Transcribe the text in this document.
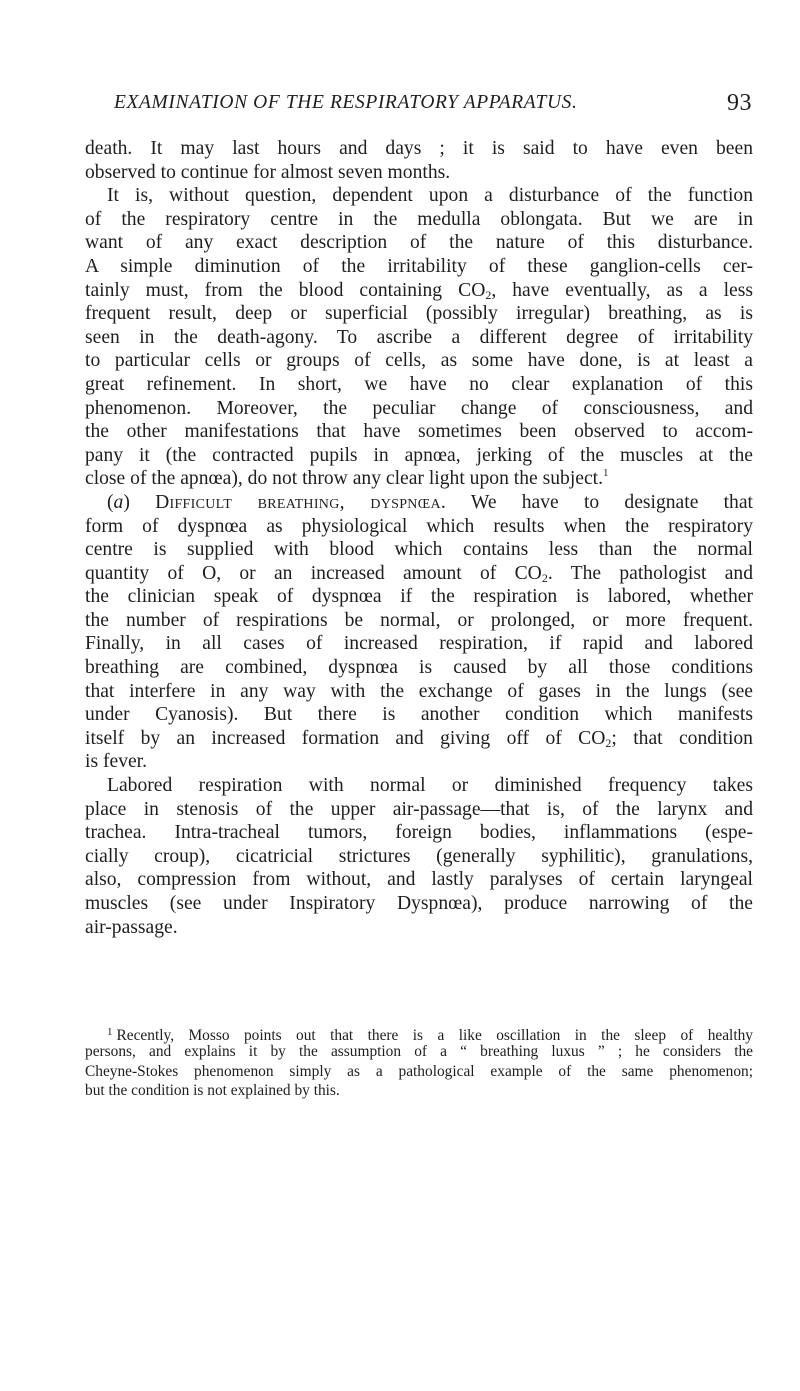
EXAMINATION OF THE RESPIRATORY APPARATUS.	93
death. It may last hours and days ; it is said to have even been
observed to continue for almost seven months.
It is, without question, dependent upon a disturbance of the function
of the respiratory centre in the medulla oblongata. But we are in
want of any exact description of the nature of this disturbance.
A simple diminution of the irritability of these ganglion-cells cer-
tainly must, from the blood containing $CO_2$, have eventually, as a less
frequent result, deep or superficial (possibly irregular) breathing, as is
seen in the death-agony. To ascribe a different degree of irritability
to particular cells or groups of cells, as some have done, is at least a
great refinement. In short, we have no clear explanation of this
phenomenon. Moreover, the peculiar change of consciousness, and
the other manifestations that have sometimes been observed to accom-
pany it (the contracted pupils in apnœa, jerking of the muscles at the
close of the apnœa), do not throw any clear light upon the subject.$^1$
(a) Difficult breathing, dyspnœa. We have to designate that
form of dyspnœa as physiological which results when the respiratory
centre is supplied with blood which contains less than the normal
quantity of O, or an increased amount of $CO_2$. The pathologist and
the clinician speak of dyspnœa if the respiration is labored, whether
the number of respirations be normal, or prolonged, or more frequent.
Finally, in all cases of increased respiration, if rapid and labored
breathing are combined, dyspnœa is caused by all those conditions
that interfere in any way with the exchange of gases in the lungs (see
under Cyanosis). But there is another condition which manifests
itself by an increased formation and giving off of $CO_2$; that condition
is fever.
Labored respiration with normal or diminished frequency takes
place in stenosis of the upper air-passage—that is, of the larynx and
trachea. Intra-tracheal tumors, foreign bodies, inflammations (espe-
cially croup), cicatricial strictures (generally syphilitic), granulations,
also, compression from without, and lastly paralyses of certain laryngeal
muscles (see under Inspiratory Dyspnœa), produce narrowing of the
air-passage.
$^1$ Recently, Mosso points out that there is a like oscillation in the sleep of healthy
persons, and explains it by the assumption of a “ breathing luxus ” ; he considers the
Cheyne-Stokes phenomenon simply as a pathological example of the same phenomenon;
but the condition is not explained by this.
